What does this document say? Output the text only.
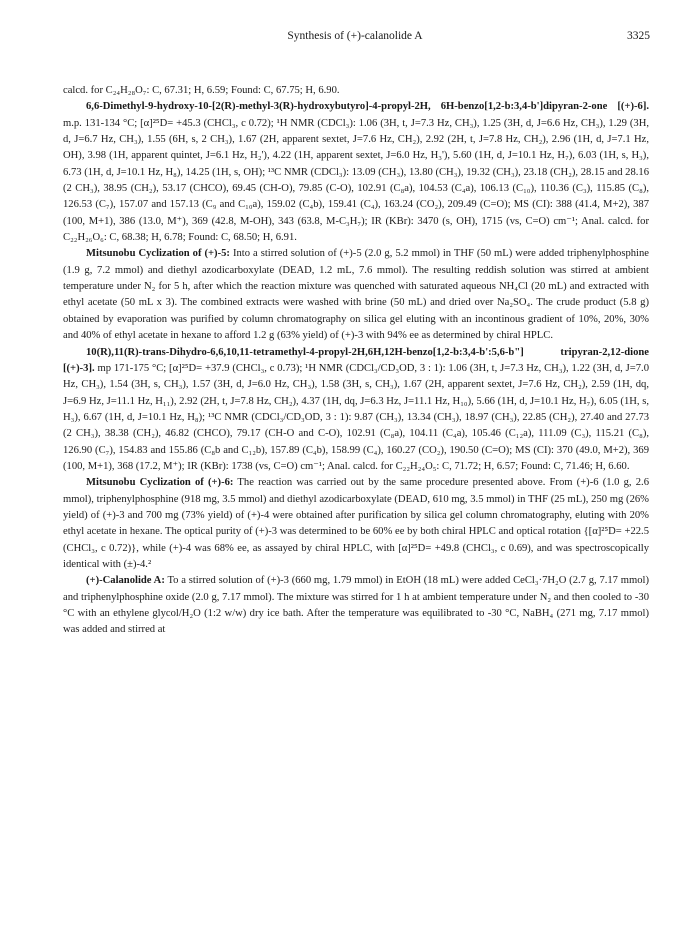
Synthesis of (+)-calanolide A	3325

calcd. for C₂₄H₂₈O₇: C, 67.31; H, 6.59; Found: C, 67.75; H, 6.90.

6,6-Dimethyl-9-hydroxy-10-[2(R)-methyl-3(R)-hydroxybutyro]-4-propyl-2H, 6H-benzo[1,2-b:3,4-b']dipyran-2-one [(+)-6]. m.p. 131-134 °C; [α]²⁵D= +45.3 (CHCl₃, c 0.72); ¹H NMR (CDCl₃): 1.06 (3H, t, J=7.3 Hz, CH₃), 1.25 (3H, d, J=6.6 Hz, CH₃), 1.29 (3H, d, J=6.7 Hz, CH₃), 1.55 (6H, s, 2 CH₃), 1.67 (2H, apparent sextet, J=7.6 Hz, CH₂), 2.92 (2H, t, J=7.8 Hz, CH₂), 2.96 (1H, d, J=7.1 Hz, OH), 3.98 (1H, apparent quintet, J=6.1 Hz, H₂'), 4.22 (1H, apparent sextet, J=6.0 Hz, H₃'), 5.60 (1H, d, J=10.1 Hz, H₇), 6.03 (1H, s, H₃), 6.73 (1H, d, J=10.1 Hz, H₈), 14.25 (1H, s, OH); ¹³C NMR (CDCl₃): 13.09 (CH₃), 13.80 (CH₃), 19.32 (CH₃), 23.18 (CH₂), 28.15 and 28.16 (2 CH₃), 38.95 (CH₂), 53.17 (CHCO), 69.45 (CH-O), 79.85 (C-O), 102.91 (C₈a), 104.53 (C₄a), 106.13 (C₁₀), 110.36 (C₃), 115.85 (C₈), 126.53 (C₇), 157.07 and 157.13 (C₉ and C₁₀a), 159.02 (C₄b), 159.41 (C₄), 163.24 (CO₂), 209.49 (C=O); MS (CI): 388 (41.4, M+2), 387 (100, M+1), 386 (13.0, M⁺), 369 (42.8, M-OH), 343 (63.8, M-C₃H₇); IR (KBr): 3470 (s, OH), 1715 (vs, C=O) cm⁻¹; Anal. calcd. for C₂₂H₂₆O₆: C, 68.38; H, 6.78; Found: C, 68.50; H, 6.91.

Mitsunobu Cyclization of (+)-5: Into a stirred solution of (+)-5 (2.0 g, 5.2 mmol) in THF (50 mL) were added triphenylphosphine (1.9 g, 7.2 mmol) and diethyl azodicarboxylate (DEAD, 1.2 mL, 7.6 mmol). The resulting reddish solution was stirred at ambient temperature under N₂ for 5 h, after which the reaction mixture was quenched with saturated aqueous NH₄Cl (20 mL) and extracted with ethyl acetate (50 mL x 3). The combined extracts were washed with brine (50 mL) and dried over Na₂SO₄. The crude product (5.8 g) obtained by evaporation was purified by column chromatography on silica gel eluting with an incontinous gradient of 10%, 20%, 30% and 40% of ethyl acetate in hexane to afford 1.2 g (63% yield) of (+)-3 with 94% ee as determined by chiral HPLC.

10(R),11(R)-trans-Dihydro-6,6,10,11-tetramethyl-4-propyl-2H,6H,12H-benzo[1,2-b:3,4-b':5,6-b"] tripyran-2,12-dione [(+)-3]. mp 171-175 °C; [α]²⁵D= +37.9 (CHCl₃, c 0.73); ¹H NMR (CDCl₃/CD₃OD, 3 : 1): 1.06 (3H, t, J=7.3 Hz, CH₃), 1.22 (3H, d, J=7.0 Hz, CH₃), 1.54 (3H, s, CH₃), 1.57 (3H, d, J=6.0 Hz, CH₃), 1.58 (3H, s, CH₃), 1.67 (2H, apparent sextet, J=7.6 Hz, CH₂), 2.59 (1H, dq, J=6.9 Hz, J=11.1 Hz, H₁₁), 2.92 (2H, t, J=7.8 Hz, CH₂), 4.37 (1H, dq, J=6.3 Hz, J=11.1 Hz, H₁₀), 5.66 (1H, d, J=10.1 Hz, H₇), 6.05 (1H, s, H₃), 6.67 (1H, d, J=10.1 Hz, H₈); ¹³C NMR (CDCl₃/CD₃OD, 3 : 1): 9.87 (CH₃), 13.34 (CH₃), 18.97 (CH₃), 22.85 (CH₂), 27.40 and 27.73 (2 CH₃), 38.38 (CH₂), 46.82 (CHCO), 79.17 (CH-O and C-O), 102.91 (C₈a), 104.11 (C₄a), 105.46 (C₁₂a), 111.09 (C₃), 115.21 (C₈), 126.90 (C₇), 154.83 and 155.86 (C₈b and C₁₂b), 157.89 (C₄b), 158.99 (C₄), 160.27 (CO₂), 190.50 (C=O); MS (CI): 370 (49.0, M+2), 369 (100, M+1), 368 (17.2, M⁺); IR (KBr): 1738 (vs, C=O) cm⁻¹; Anal. calcd. for C₂₂H₂₄O₅: C, 71.72; H, 6.57; Found: C, 71.46; H, 6.60.

Mitsunobu Cyclization of (+)-6: The reaction was carried out by the same procedure presented above. From (+)-6 (1.0 g, 2.6 mmol), triphenylphosphine (918 mg, 3.5 mmol) and diethyl azodicarboxylate (DEAD, 610 mg, 3.5 mmol) in THF (25 mL), 250 mg (26% yield) of (+)-3 and 700 mg (73% yield) of (+)-4 were obtained after purification by silica gel column chromatography, eluting with 20% ethyl acetate in hexane. The optical purity of (+)-3 was determined to be 60% ee by both chiral HPLC and optical rotation {[α]²⁵D= +22.5 (CHCl₃, c 0.72)}, while (+)-4 was 68% ee, as assayed by chiral HPLC, with [α]²⁵D= +49.8 (CHCl₃, c 0.69), and was spectroscopically identical with (±)-4.²

(+)-Calanolide A: To a stirred solution of (+)-3 (660 mg, 1.79 mmol) in EtOH (18 mL) were added CeCl₃·7H₂O (2.7 g, 7.17 mmol) and triphenylphosphine oxide (2.0 g, 7.17 mmol). The mixture was stirred for 1 h at ambient temperature under N₂ and then cooled to -30 °C with an ethylene glycol/H₂O (1:2 w/w) dry ice bath. After the temperature was equilibrated to -30 °C, NaBH₄ (271 mg, 7.17 mmol) was added and stirred at
